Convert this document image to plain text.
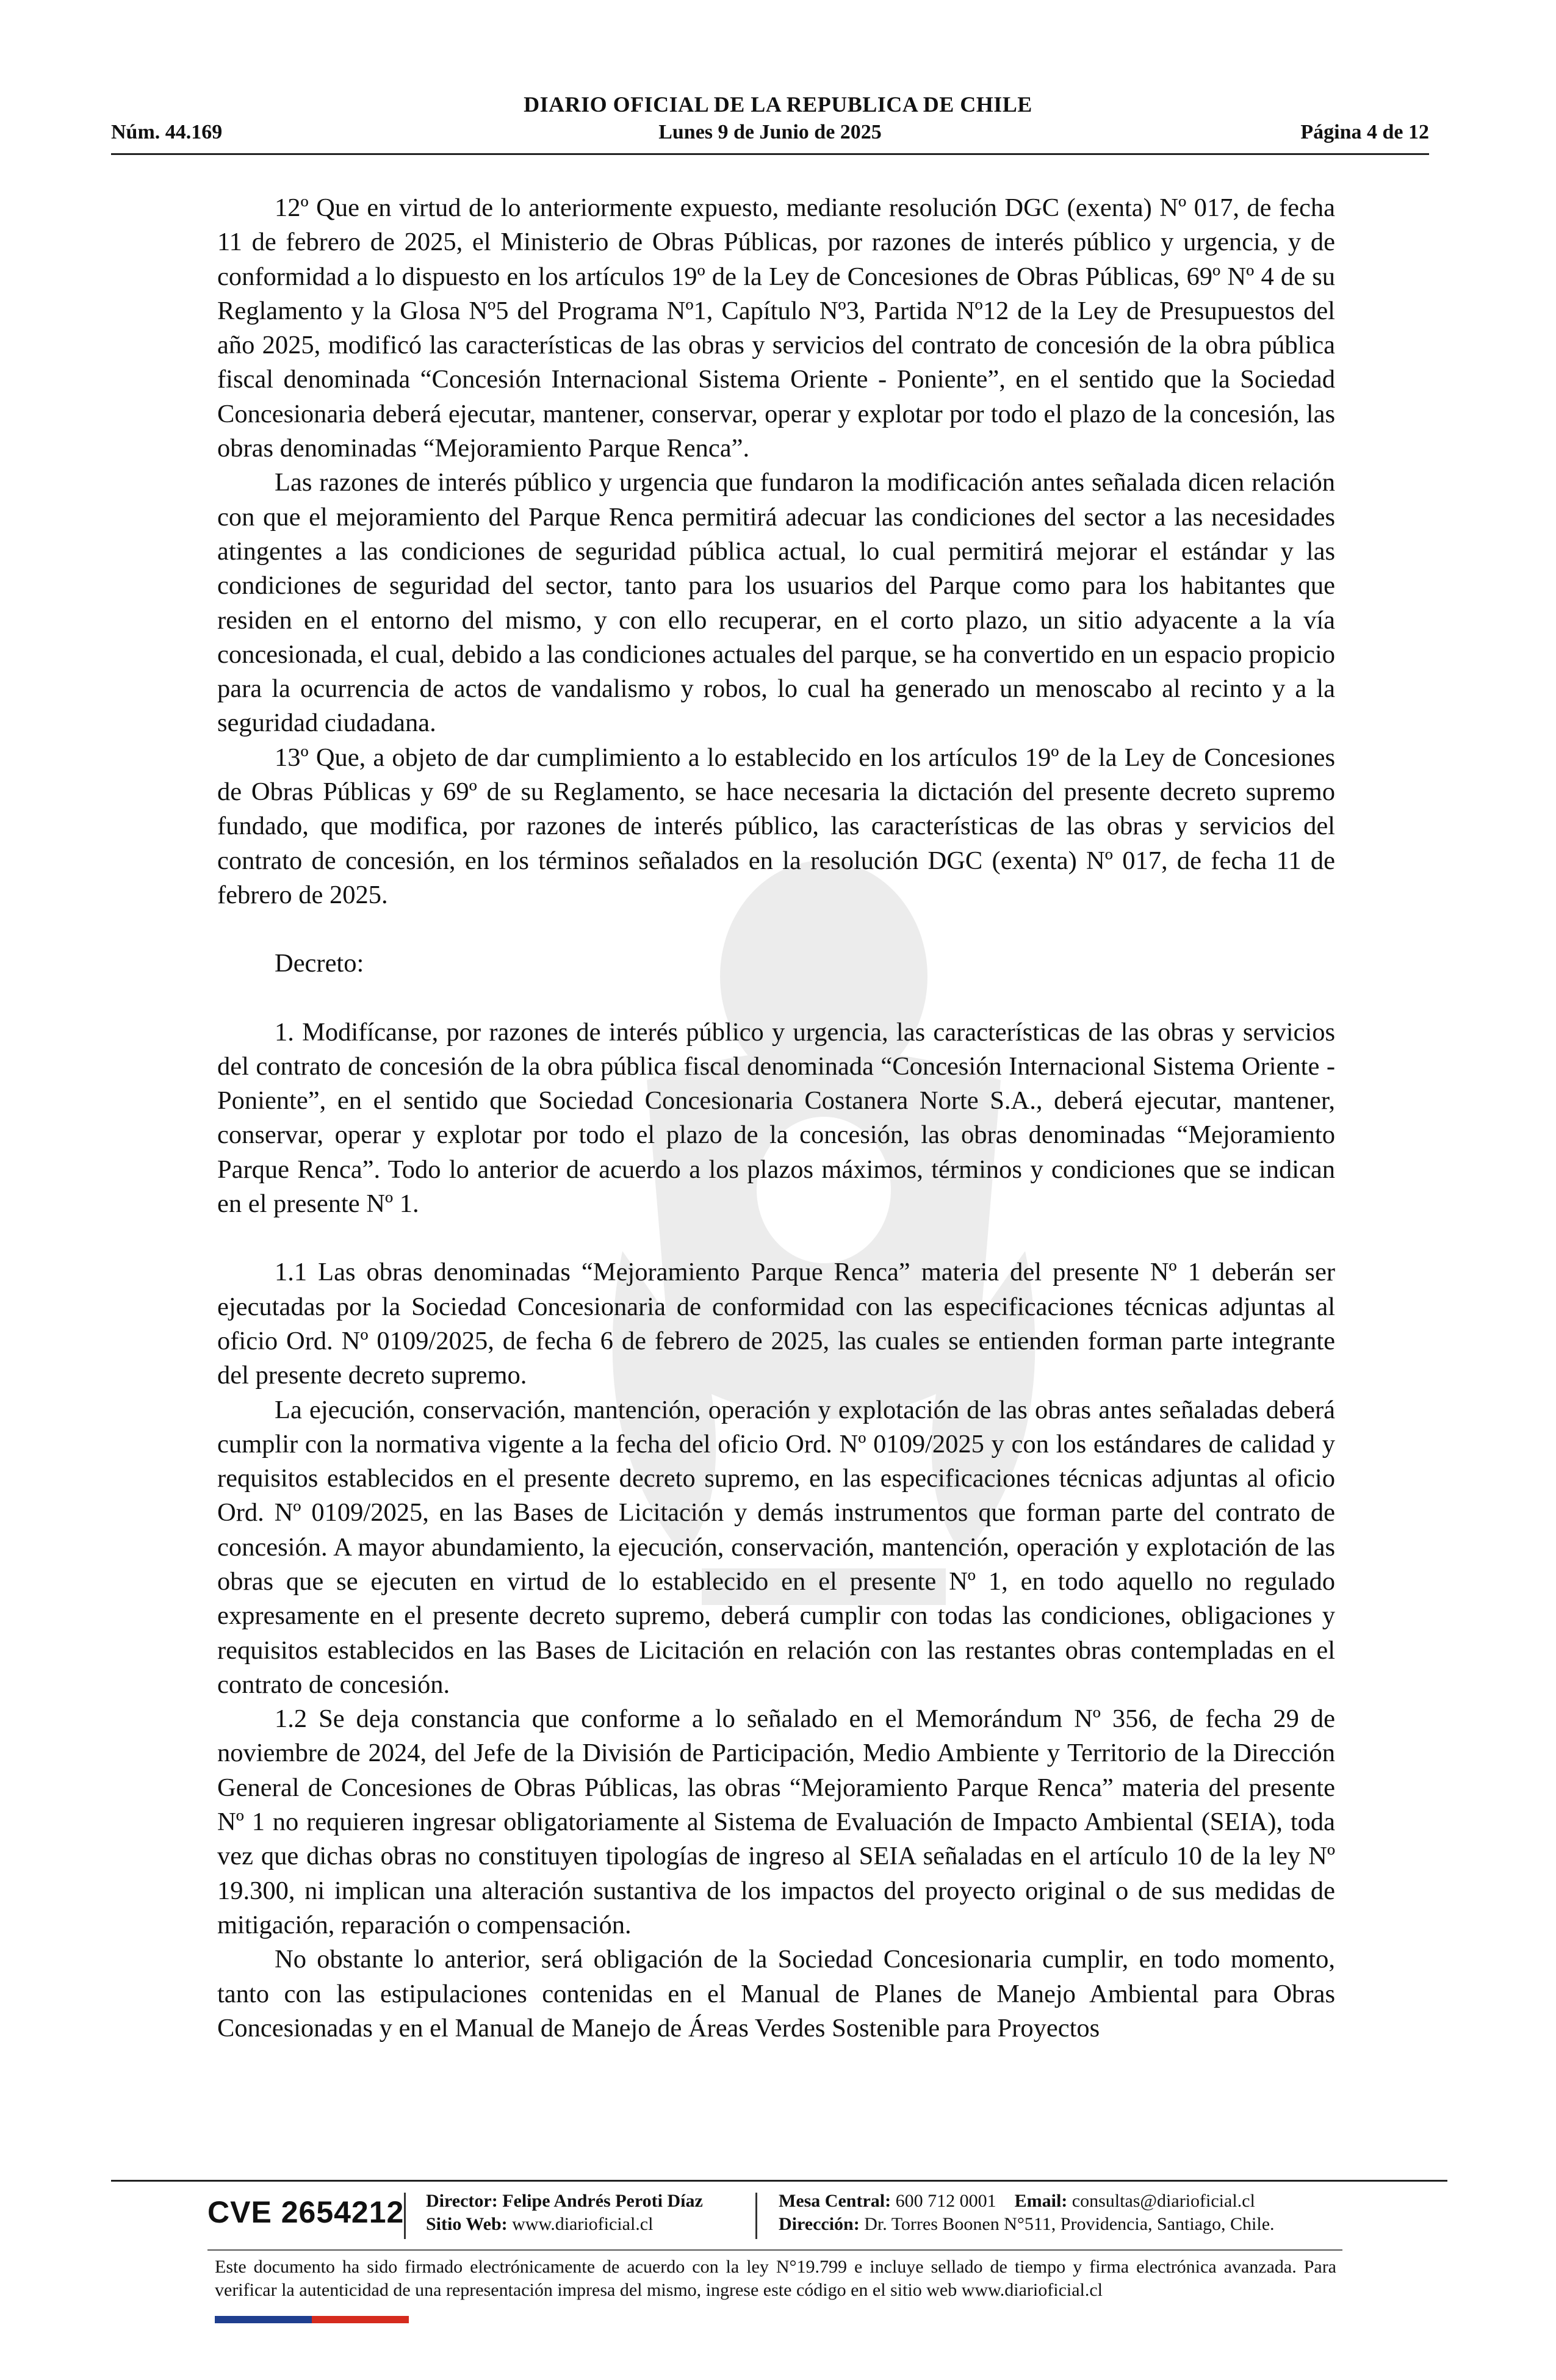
DIARIO OFICIAL DE LA REPUBLICA DE CHILE
Núm. 44.169	Lunes 9 de Junio de 2025	Página 4 de 12

12º Que en virtud de lo anteriormente expuesto, mediante resolución DGC (exenta) Nº 017, de fecha 11 de febrero de 2025, el Ministerio de Obras Públicas, por razones de interés público y urgencia, y de conformidad a lo dispuesto en los artículos 19º de la Ley de Concesiones de Obras Públicas, 69º Nº 4 de su Reglamento y la Glosa Nº5 del Programa Nº1, Capítulo Nº3, Partida Nº12 de la Ley de Presupuestos del año 2025, modificó las características de las obras y servicios del contrato de concesión de la obra pública fiscal denominada “Concesión Internacional Sistema Oriente - Poniente”, en el sentido que la Sociedad Concesionaria deberá ejecutar, mantener, conservar, operar y explotar por todo el plazo de la concesión, las obras denominadas “Mejoramiento Parque Renca”.

Las razones de interés público y urgencia que fundaron la modificación antes señalada dicen relación con que el mejoramiento del Parque Renca permitirá adecuar las condiciones del sector a las necesidades atingentes a las condiciones de seguridad pública actual, lo cual permitirá mejorar el estándar y las condiciones de seguridad del sector, tanto para los usuarios del Parque como para los habitantes que residen en el entorno del mismo, y con ello recuperar, en el corto plazo, un sitio adyacente a la vía concesionada, el cual, debido a las condiciones actuales del parque, se ha convertido en un espacio propicio para la ocurrencia de actos de vandalismo y robos, lo cual ha generado un menoscabo al recinto y a la seguridad ciudadana.

13º Que, a objeto de dar cumplimiento a lo establecido en los artículos 19º de la Ley de Concesiones de Obras Públicas y 69º de su Reglamento, se hace necesaria la dictación del presente decreto supremo fundado, que modifica, por razones de interés público, las características de las obras y servicios del contrato de concesión, en los términos señalados en la resolución DGC (exenta) Nº 017, de fecha 11 de febrero de 2025.

Decreto:

1. Modifícanse, por razones de interés público y urgencia, las características de las obras y servicios del contrato de concesión de la obra pública fiscal denominada “Concesión Internacional Sistema Oriente - Poniente”, en el sentido que Sociedad Concesionaria Costanera Norte S.A., deberá ejecutar, mantener, conservar, operar y explotar por todo el plazo de la concesión, las obras denominadas “Mejoramiento Parque Renca”. Todo lo anterior de acuerdo a los plazos máximos, términos y condiciones que se indican en el presente Nº 1.

1.1 Las obras denominadas “Mejoramiento Parque Renca” materia del presente Nº 1 deberán ser ejecutadas por la Sociedad Concesionaria de conformidad con las especificaciones técnicas adjuntas al oficio Ord. Nº 0109/2025, de fecha 6 de febrero de 2025, las cuales se entienden forman parte integrante del presente decreto supremo.

La ejecución, conservación, mantención, operación y explotación de las obras antes señaladas deberá cumplir con la normativa vigente a la fecha del oficio Ord. Nº 0109/2025 y con los estándares de calidad y requisitos establecidos en el presente decreto supremo, en las especificaciones técnicas adjuntas al oficio Ord. Nº 0109/2025, en las Bases de Licitación y demás instrumentos que forman parte del contrato de concesión. A mayor abundamiento, la ejecución, conservación, mantención, operación y explotación de las obras que se ejecuten en virtud de lo establecido en el presente Nº 1, en todo aquello no regulado expresamente en el presente decreto supremo, deberá cumplir con todas las condiciones, obligaciones y requisitos establecidos en las Bases de Licitación en relación con las restantes obras contempladas en el contrato de concesión.

1.2 Se deja constancia que conforme a lo señalado en el Memorándum Nº 356, de fecha 29 de noviembre de 2024, del Jefe de la División de Participación, Medio Ambiente y Territorio de la Dirección General de Concesiones de Obras Públicas, las obras “Mejoramiento Parque Renca” materia del presente Nº 1 no requieren ingresar obligatoriamente al Sistema de Evaluación de Impacto Ambiental (SEIA), toda vez que dichas obras no constituyen tipologías de ingreso al SEIA señaladas en el artículo 10 de la ley Nº 19.300, ni implican una alteración sustantiva de los impactos del proyecto original o de sus medidas de mitigación, reparación o compensación.

No obstante lo anterior, será obligación de la Sociedad Concesionaria cumplir, en todo momento, tanto con las estipulaciones contenidas en el Manual de Planes de Manejo Ambiental para Obras Concesionadas y en el Manual de Manejo de Áreas Verdes Sostenible para Proyectos

CVE 2654212 Director: Felipe Andrés Peroti Díaz
Sitio Web: www.diarioficial.cl
Mesa Central: 600 712 0001 Email: consultas@diarioficial.cl
Dirección: Dr. Torres Boonen N°511, Providencia, Santiago, Chile.
Este documento ha sido firmado electrónicamente de acuerdo con la ley N°19.799 e incluye sellado de tiempo y firma electrónica avanzada. Para verificar la autenticidad de una representación impresa del mismo, ingrese este código en el sitio web www.diarioficial.cl
